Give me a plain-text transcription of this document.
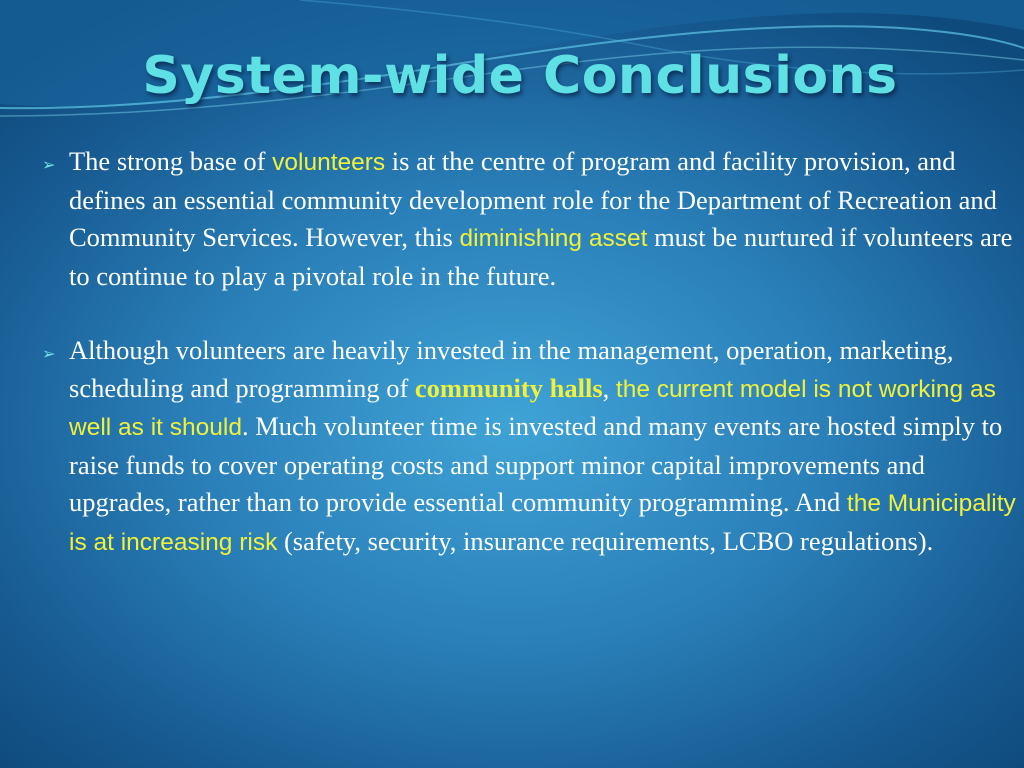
System-wide Conclusions
➢ The strong base of volunteers is at the centre of program and facility provision, and defines an essential community development role for the Department of Recreation and Community Services. However, this diminishing asset must be nurtured if volunteers are to continue to play a pivotal role in the future.
➢ Although volunteers are heavily invested in the management, operation, marketing, scheduling and programming of community halls, the current model is not working as well as it should. Much volunteer time is invested and many events are hosted simply to raise funds to cover operating costs and support minor capital improvements and upgrades, rather than to provide essential community programming. And the Municipality is at increasing risk (safety, security, insurance requirements, LCBO regulations).
